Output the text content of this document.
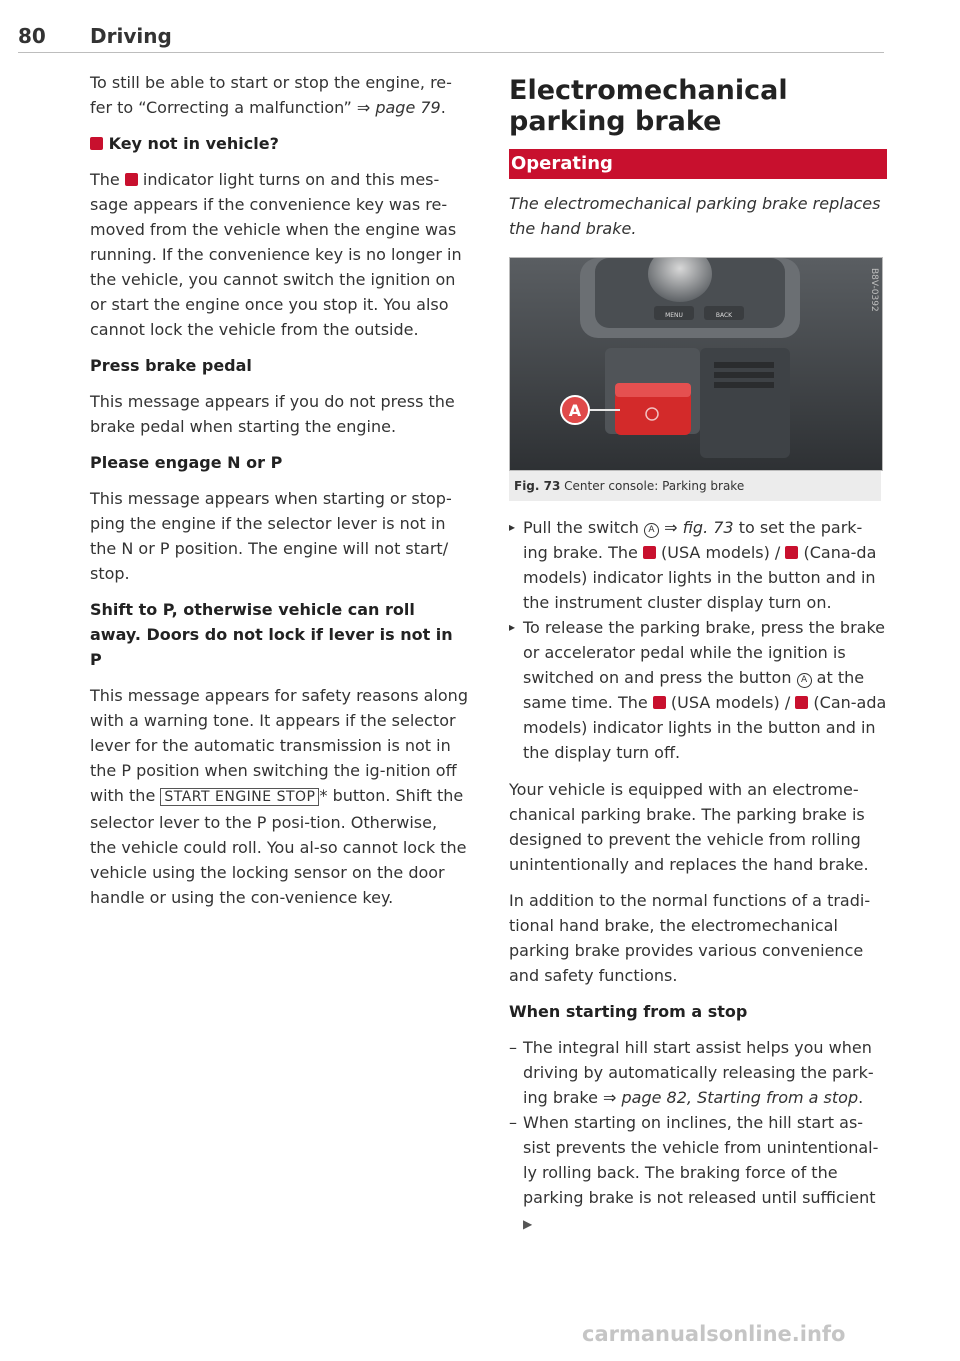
80 Driving

To still be able to start or stop the engine, re-fer to “Correcting a malfunction” ⇒ page 79.

Key not in vehicle?

The  indicator light turns on and this mes-sage appears if the convenience key was re-moved from the vehicle when the engine was running. If the convenience key is no longer in the vehicle, you cannot switch the ignition on or start the engine once you stop it. You also cannot lock the vehicle from the outside.

Press brake pedal

This message appears if you do not press the brake pedal when starting the engine.

Please engage N or P

This message appears when starting or stop-ping the engine if the selector lever is not in the N or P position. The engine will not start/ stop.

Shift to P, otherwise vehicle can roll away. Doors do not lock if lever is not in P

This message appears for safety reasons along with a warning tone. It appears if the selector lever for the automatic transmission is not in the P position when switching the ig-nition off with the START ENGINE STOP * button. Shift the selector lever to the P posi-tion. Otherwise, the vehicle could roll. You al-so cannot lock the vehicle using the locking sensor on the door handle or using the con-venience key.

Electromechanical parking brake
Operating
The electromechanical parking brake replaces the hand brake.
MENU	BACK
A
B8V-0392
Fig. 73 Center console: Parking brake
▸ Pull the switch A ⇒ fig. 73 to set the park-ing brake. The  (USA models) /  (Cana-da models) indicator lights in the button and in the instrument cluster display turn on.
▸ To release the parking brake, press the brake or accelerator pedal while the ignition is switched on and press the button A at the same time. The  (USA models) /  (Can-ada models) indicator lights in the button and in the display turn off.

Your vehicle is equipped with an electrome-chanical parking brake. The parking brake is designed to prevent the vehicle from rolling unintentionally and replaces the hand brake.

In addition to the normal functions of a tradi-tional hand brake, the electromechanical parking brake provides various convenience and safety functions.

When starting from a stop
– The integral hill start assist helps you when driving by automatically releasing the park-ing brake ⇒ page 82, Starting from a stop.
– When starting on inclines, the hill start as-sist prevents the vehicle from unintentional-ly rolling back. The braking force of the parking brake is not released until sufficient ▶
carmanualsonline.info
